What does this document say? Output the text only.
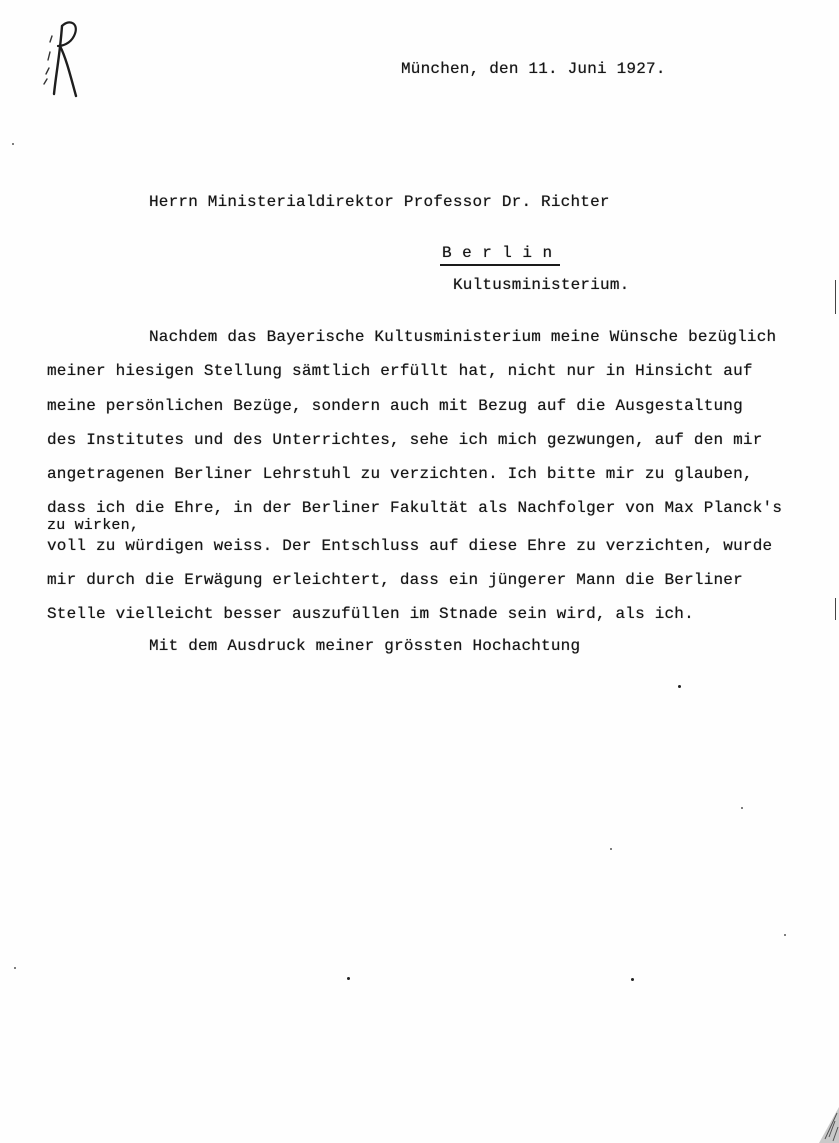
München, den 11. Juni 1927.
Herrn Ministerialdirektor Professor Dr. Richter
Berlin
Kultusministerium.
Nachdem das Bayerische Kultusministerium meine Wünsche bezüglich
meiner hiesigen Stellung sämtlich erfüllt hat, nicht nur in Hinsicht auf
meine persönlichen Bezüge, sondern auch mit Bezug auf die Ausgestaltung
des Institutes und des Unterrichtes, sehe ich mich gezwungen, auf den mir
angetragenen Berliner Lehrstuhl zu verzichten. Ich bitte mir zu glauben,
dass ich die Ehre, in der Berliner Fakultät als Nachfolger von Max Planck's
zu wirken,
voll zu würdigen weiss. Der Entschluss auf diese Ehre zu verzichten, wurde
mir durch die Erwägung erleichtert, dass ein jüngerer Mann die Berliner
Stelle vielleicht besser auszufüllen im Stnade sein wird, als ich.
Mit dem Ausdruck meiner grössten Hochachtung
